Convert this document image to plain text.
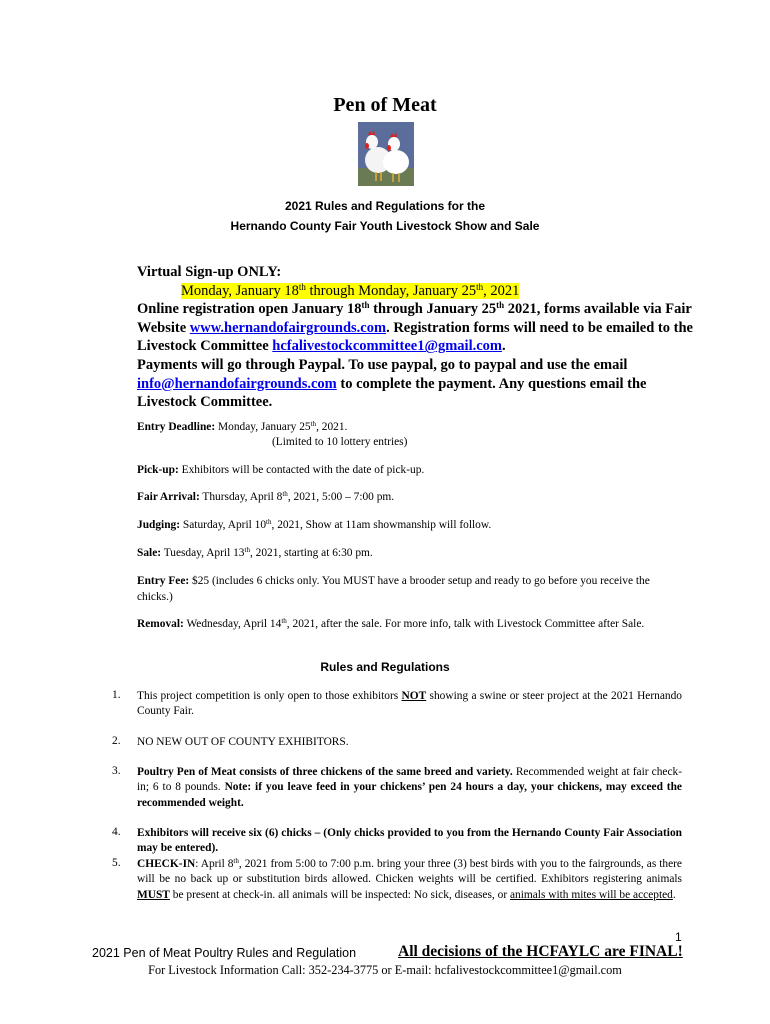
Pen of Meat
2021 Rules and Regulations for the
Hernando County Fair Youth Livestock Show and Sale
Virtual Sign-up ONLY:
Monday, January 18th through Monday, January 25th, 2021
Online registration open January 18th through January 25th 2021, forms available via Fair Website www.hernandofairgrounds.com. Registration forms will need to be emailed to the Livestock Committee hcfalivestockcommittee1@gmail.com.
Payments will go through Paypal. To use paypal, go to paypal and use the email info@hernandofairgrounds.com to complete the payment. Any questions email the Livestock Committee.
Entry Deadline: Monday, January 25th, 2021.
(Limited to 10 lottery entries)
Pick-up: Exhibitors will be contacted with the date of pick-up.
Fair Arrival: Thursday, April 8th, 2021, 5:00 – 7:00 pm.
Judging: Saturday, April 10th, 2021, Show at 11am showmanship will follow.
Sale: Tuesday, April 13th, 2021, starting at 6:30 pm.
Entry Fee: $25 (includes 6 chicks only. You MUST have a brooder setup and ready to go before you receive the chicks.)
Removal: Wednesday, April 14th, 2021, after the sale. For more info, talk with Livestock Committee after Sale.
Rules and Regulations
1. This project competition is only open to those exhibitors NOT showing a swine or steer project at the 2021 Hernando County Fair.
2. NO NEW OUT OF COUNTY EXHIBITORS.
3. Poultry Pen of Meat consists of three chickens of the same breed and variety. Recommended weight at fair check-in; 6 to 8 pounds. Note: if you leave feed in your chickens’ pen 24 hours a day, your chickens, may exceed the recommended weight.
4. Exhibitors will receive six (6) chicks – (Only chicks provided to you from the Hernando County Fair Association may be entered).
5. CHECK-IN: April 8th, 2021 from 5:00 to 7:00 p.m. bring your three (3) best birds with you to the fairgrounds, as there will be no back up or substitution birds allowed. Chicken weights will be certified. Exhibitors registering animals MUST be present at check-in. all animals will be inspected: No sick, diseases, or animals with mites will be accepted.
1
2021 Pen of Meat Poultry Rules and Regulation	All decisions of the HCFAYLC are FINAL!
For Livestock Information Call: 352-234-3775 or E-mail: hcfalivestockcommittee1@gmail.com
